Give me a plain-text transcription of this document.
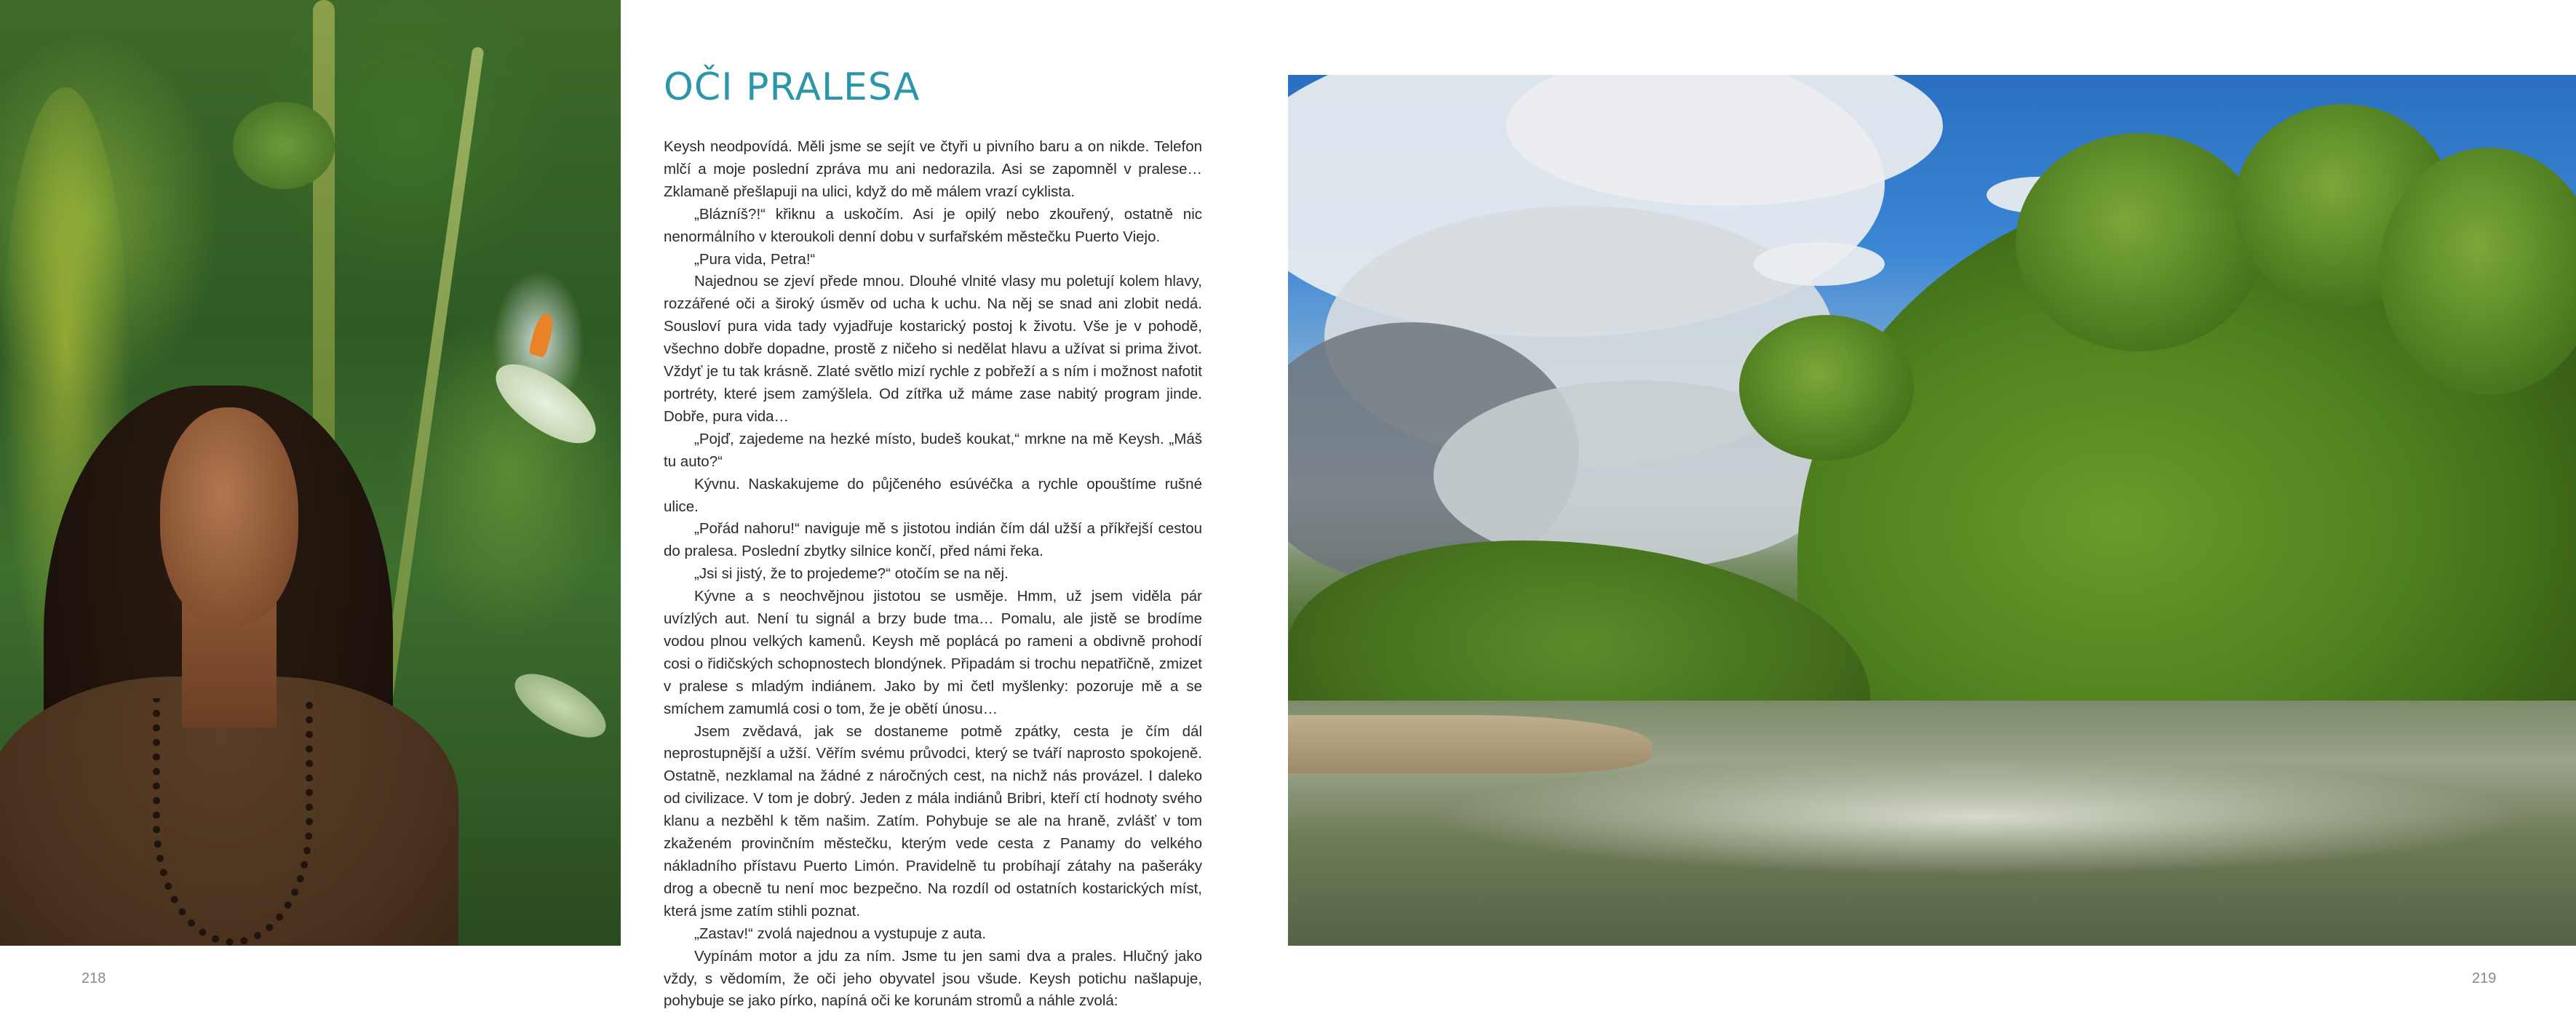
OČI PRALESA

Keysh neodpovídá. Měli jsme se sejít ve čtyři u pivního baru a on nikde. Telefon mlčí a moje poslední zpráva mu ani nedorazila. Asi se zapomněl v pralese… Zklamaně přešlapuji na ulici, když do mě málem vrazí cyklista.

„Blázníš?!“ křiknu a uskočím. Asi je opilý nebo zkouřený, ostatně nic nenormálního v kteroukoli denní dobu v surfařském městečku Puerto Viejo.

„Pura vida, Petra!“

Najednou se zjeví přede mnou. Dlouhé vlnité vlasy mu poletují kolem hlavy, rozzářené oči a široký úsměv od ucha k uchu. Na něj se snad ani zlobit nedá. Sousloví pura vida tady vyjadřuje kostarický postoj k životu. Vše je v pohodě, všechno dobře dopadne, prostě z ničeho si nedělat hlavu a užívat si prima život. Vždyť je tu tak krásně. Zlaté světlo mizí rychle z pobřeží a s ním i možnost nafotit portréty, které jsem zamýšlela. Od zítřka už máme zase nabitý program jinde. Dobře, pura vida…

„Pojď, zajedeme na hezké místo, budeš koukat,“ mrkne na mě Keysh. „Máš tu auto?“

Kývnu. Naskakujeme do půjčeného esúvéčka a rychle opouštíme rušné ulice.

„Pořád nahoru!“ naviguje mě s jistotou indián čím dál užší a příkřejší cestou do pralesa. Poslední zbytky silnice končí, před námi řeka.

„Jsi si jistý, že to projedeme?“ otočím se na něj.

Kývne a s neochvějnou jistotou se usměje. Hmm, už jsem viděla pár uvízlých aut. Není tu signál a brzy bude tma… Pomalu, ale jistě se brodíme vodou plnou velkých kamenů. Keysh mě poplácá po rameni a obdivně prohodí cosi o řidičských schopnostech blondýnek. Připadám si trochu nepatřičně, zmizet v pralese s mladým indiánem. Jako by mi četl myšlenky: pozoruje mě a se smíchem zamumlá cosi o tom, že je obětí únosu…

Jsem zvědavá, jak se dostaneme potmě zpátky, cesta je čím dál neprostupnější a užší. Věřím svému průvodci, který se tváří naprosto spokojeně. Ostatně, nezklamal na žádné z náročných cest, na nichž nás provázel. I daleko od civilizace. V tom je dobrý. Jeden z mála indiánů Bribri, kteří ctí hodnoty svého klanu a nezběhl k těm našim. Zatím. Pohybuje se ale na hraně, zvlášť v tom zkaženém provinčním městečku, kterým vede cesta z Panamy do velkého nákladního přístavu Puerto Limón. Pravidelně tu probíhají zátahy na pašeráky drog a obecně tu není moc bezpečno. Na rozdíl od ostatních kostarických míst, která jsme zatím stihli poznat.

„Zastav!“ zvolá najednou a vystupuje z auta.

Vypínám motor a jdu za ním. Jsme tu jen sami dva a prales. Hlučný jako vždy, s vědomím, že oči jeho obyvatel jsou všude. Keysh potichu našlapuje, pohybuje se jako pírko, napíná oči ke korunám stromů a náhle zvolá:

218	219
